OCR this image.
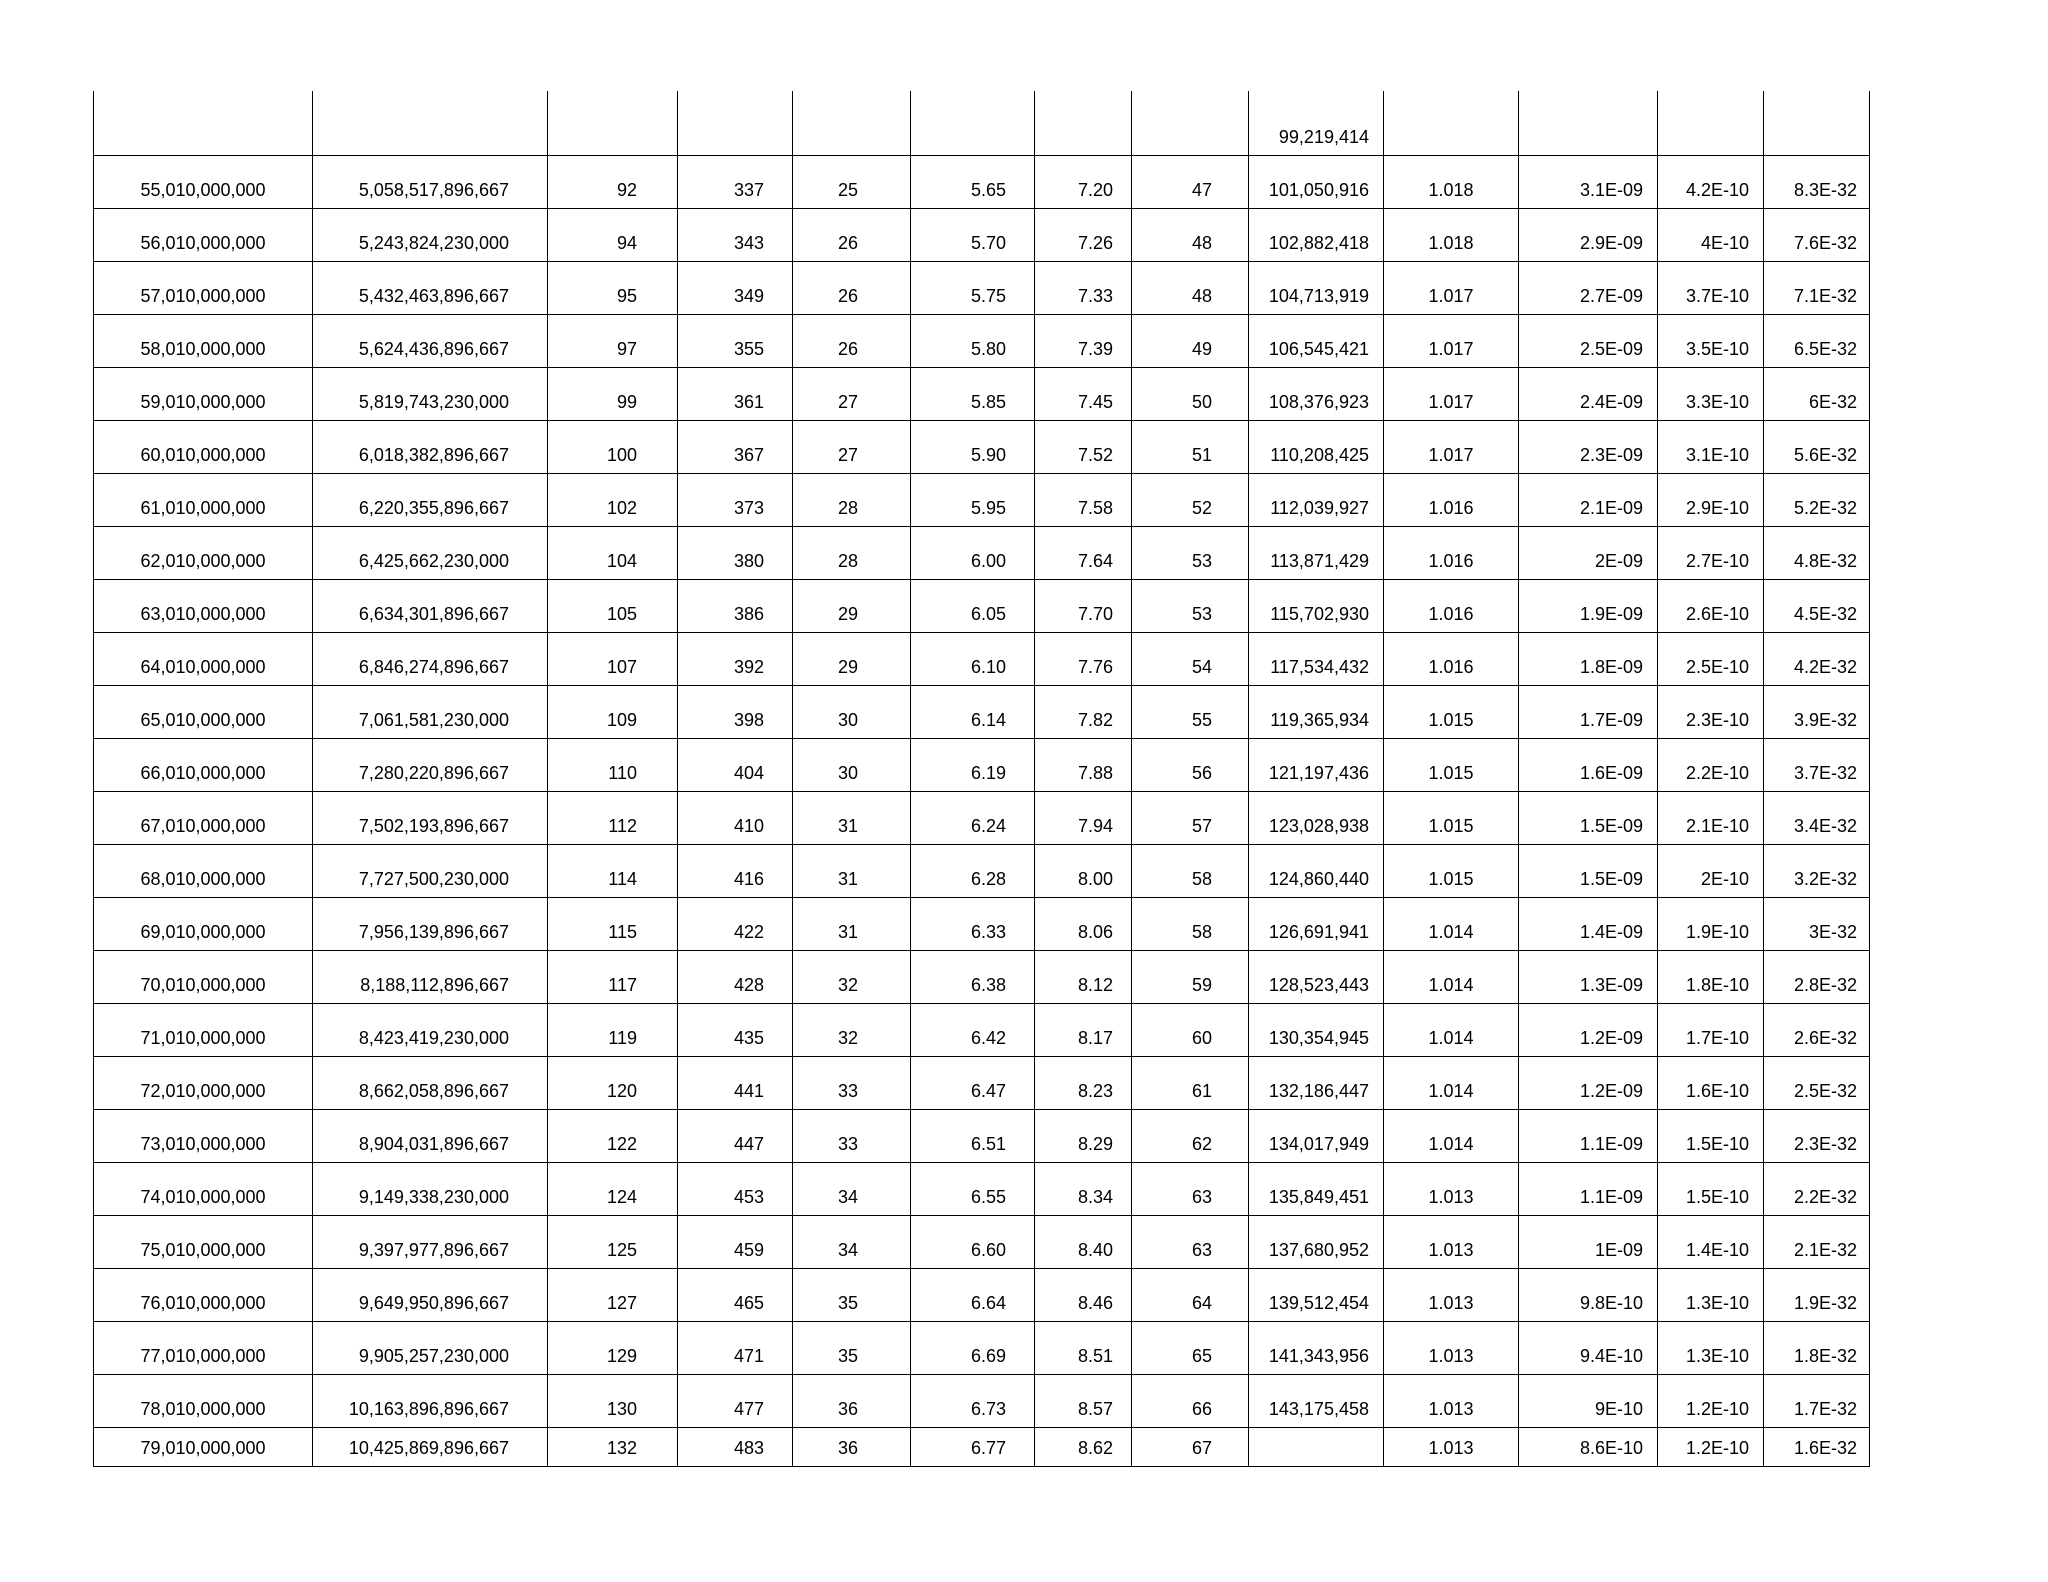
								99,219,414				

55,010,000,000	5,058,517,896,667	92	337	25	5.65	7.20	47	101,050,916	1.018	3.1E-09	4.2E-10	8.3E-32

56,010,000,000	5,243,824,230,000	94	343	26	5.70	7.26	48	102,882,418	1.018	2.9E-09	4E-10	7.6E-32

57,010,000,000	5,432,463,896,667	95	349	26	5.75	7.33	48	104,713,919	1.017	2.7E-09	3.7E-10	7.1E-32

58,010,000,000	5,624,436,896,667	97	355	26	5.80	7.39	49	106,545,421	1.017	2.5E-09	3.5E-10	6.5E-32

59,010,000,000	5,819,743,230,000	99	361	27	5.85	7.45	50	108,376,923	1.017	2.4E-09	3.3E-10	6E-32

60,010,000,000	6,018,382,896,667	100	367	27	5.90	7.52	51	110,208,425	1.017	2.3E-09	3.1E-10	5.6E-32

61,010,000,000	6,220,355,896,667	102	373	28	5.95	7.58	52	112,039,927	1.016	2.1E-09	2.9E-10	5.2E-32

62,010,000,000	6,425,662,230,000	104	380	28	6.00	7.64	53	113,871,429	1.016	2E-09	2.7E-10	4.8E-32

63,010,000,000	6,634,301,896,667	105	386	29	6.05	7.70	53	115,702,930	1.016	1.9E-09	2.6E-10	4.5E-32

64,010,000,000	6,846,274,896,667	107	392	29	6.10	7.76	54	117,534,432	1.016	1.8E-09	2.5E-10	4.2E-32

65,010,000,000	7,061,581,230,000	109	398	30	6.14	7.82	55	119,365,934	1.015	1.7E-09	2.3E-10	3.9E-32

66,010,000,000	7,280,220,896,667	110	404	30	6.19	7.88	56	121,197,436	1.015	1.6E-09	2.2E-10	3.7E-32

67,010,000,000	7,502,193,896,667	112	410	31	6.24	7.94	57	123,028,938	1.015	1.5E-09	2.1E-10	3.4E-32

68,010,000,000	7,727,500,230,000	114	416	31	6.28	8.00	58	124,860,440	1.015	1.5E-09	2E-10	3.2E-32

69,010,000,000	7,956,139,896,667	115	422	31	6.33	8.06	58	126,691,941	1.014	1.4E-09	1.9E-10	3E-32

70,010,000,000	8,188,112,896,667	117	428	32	6.38	8.12	59	128,523,443	1.014	1.3E-09	1.8E-10	2.8E-32

71,010,000,000	8,423,419,230,000	119	435	32	6.42	8.17	60	130,354,945	1.014	1.2E-09	1.7E-10	2.6E-32

72,010,000,000	8,662,058,896,667	120	441	33	6.47	8.23	61	132,186,447	1.014	1.2E-09	1.6E-10	2.5E-32

73,010,000,000	8,904,031,896,667	122	447	33	6.51	8.29	62	134,017,949	1.014	1.1E-09	1.5E-10	2.3E-32

74,010,000,000	9,149,338,230,000	124	453	34	6.55	8.34	63	135,849,451	1.013	1.1E-09	1.5E-10	2.2E-32

75,010,000,000	9,397,977,896,667	125	459	34	6.60	8.40	63	137,680,952	1.013	1E-09	1.4E-10	2.1E-32

76,010,000,000	9,649,950,896,667	127	465	35	6.64	8.46	64	139,512,454	1.013	9.8E-10	1.3E-10	1.9E-32

77,010,000,000	9,905,257,230,000	129	471	35	6.69	8.51	65	141,343,956	1.013	9.4E-10	1.3E-10	1.8E-32

78,010,000,000	10,163,896,896,667	130	477	36	6.73	8.57	66	143,175,458	1.013	9E-10	1.2E-10	1.7E-32

79,010,000,000	10,425,869,896,667	132	483	36	6.77	8.62	67		1.013	8.6E-10	1.2E-10	1.6E-32
